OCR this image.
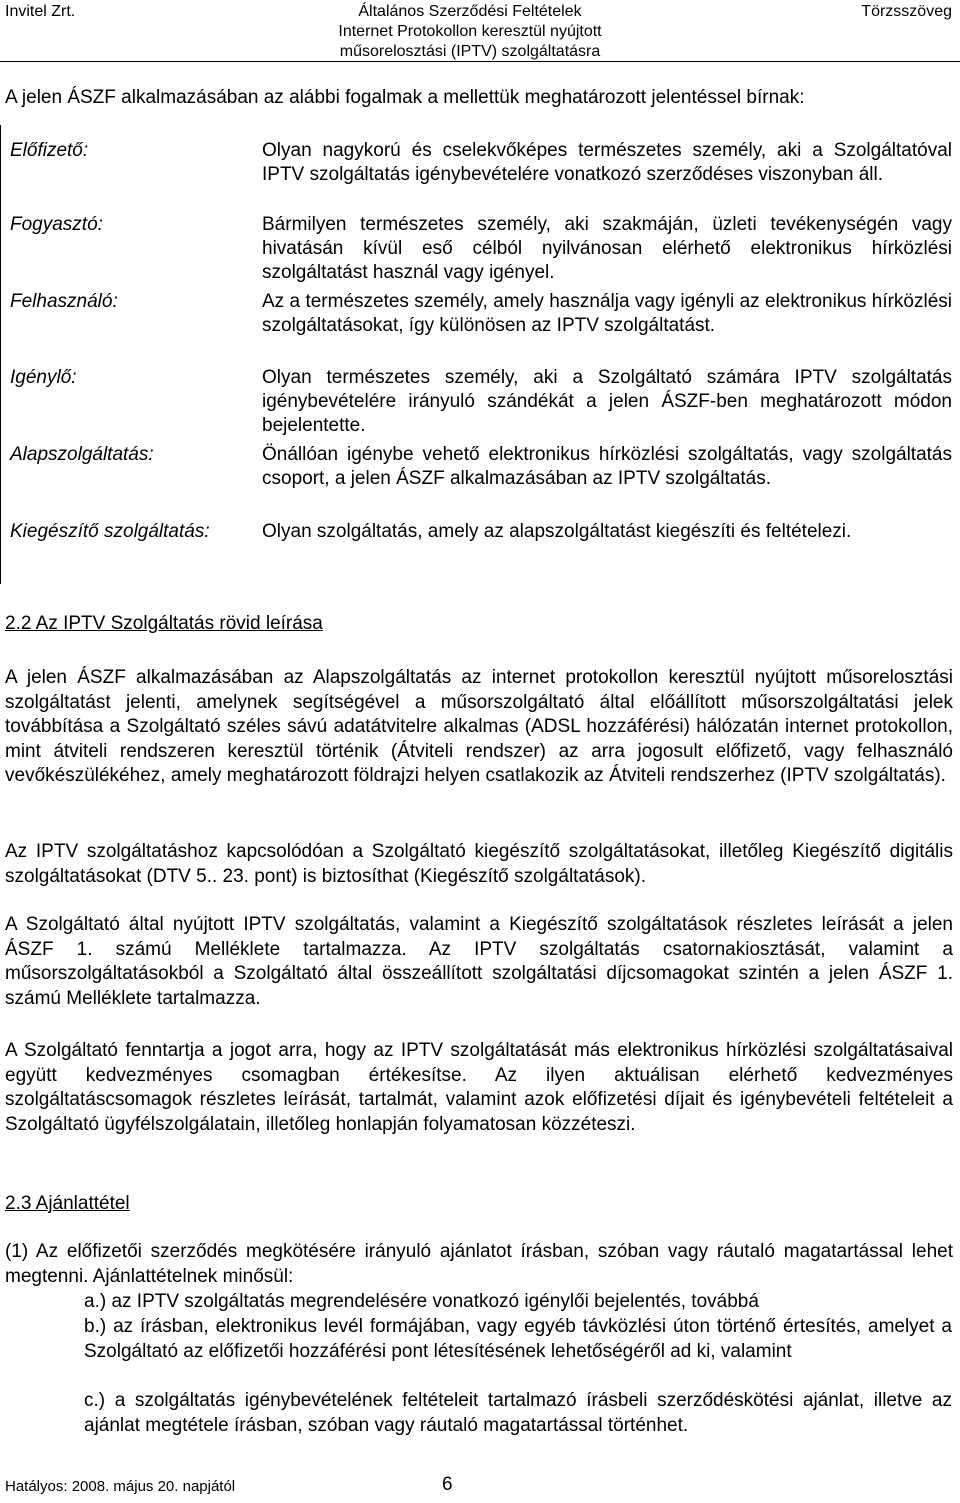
Invitel Zrt.	Általános Szerződési Feltételek
Internet Protokollon keresztül nyújtott
műsorelosztási (IPTV) szolgáltatásra
Törzsszöveg

A jelen ÁSZF alkalmazásában az alábbi fogalmak a mellettük meghatározott jelentéssel bírnak:

Előfizető:	Olyan nagykorú és cselekvőképes természetes személy, aki a Szolgáltatóval IPTV szolgáltatás igénybevételére vonatkozó szerződéses viszonyban áll.
Fogyasztó:	Bármilyen természetes személy, aki szakmáján, üzleti tevékenységén vagy hivatásán kívül eső célból nyilvánosan elérhető elektronikus hírközlési szolgáltatást használ vagy igényel.
Felhasználó:	Az a természetes személy, amely használja vagy igényli az elektronikus hírközlési szolgáltatásokat, így különösen az IPTV szolgáltatást.
Igénylő:	Olyan természetes személy, aki a Szolgáltató számára IPTV szolgáltatás igénybevételére irányuló szándékát a jelen ÁSZF-ben meghatározott módon bejelentette.
Alapszolgáltatás:	Önállóan igénybe vehető elektronikus hírközlési szolgáltatás, vagy szolgáltatás csoport, a jelen ÁSZF alkalmazásában az IPTV szolgáltatás.
Kiegészítő szolgáltatás:	Olyan szolgáltatás, amely az alapszolgáltatást kiegészíti és feltételezi.

2.2 Az IPTV Szolgáltatás rövid leírása

A jelen ÁSZF alkalmazásában az Alapszolgáltatás az internet protokollon keresztül nyújtott műsorelosztási szolgáltatást jelenti, amelynek segítségével a műsorszolgáltató által előállított műsorszolgáltatási jelek továbbítása a Szolgáltató széles sávú adatátvitelre alkalmas (ADSL hozzáférési) hálózatán internet protokollon, mint átviteli rendszeren keresztül történik (Átviteli rendszer) az arra jogosult előfizető, vagy felhasználó vevőkészülékéhez, amely meghatározott földrajzi helyen csatlakozik az Átviteli rendszerhez (IPTV szolgáltatás).

Az IPTV szolgáltatáshoz kapcsolódóan a Szolgáltató kiegészítő szolgáltatásokat, illetőleg Kiegészítő digitális szolgáltatásokat (DTV 5.. 23. pont) is biztosíthat (Kiegészítő szolgáltatások).

A Szolgáltató által nyújtott IPTV szolgáltatás, valamint a Kiegészítő szolgáltatások részletes leírását a jelen ÁSZF 1. számú Melléklete tartalmazza. Az IPTV szolgáltatás csatornakiosztását, valamint a műsorszolgáltatásokból a Szolgáltató által összeállított szolgáltatási díjcsomagokat szintén a jelen ÁSZF 1. számú Melléklete tartalmazza.

A Szolgáltató fenntartja a jogot arra, hogy az IPTV szolgáltatását más elektronikus hírközlési szolgáltatásaival együtt kedvezményes csomagban értékesítse. Az ilyen aktuálisan elérhető kedvezményes szolgáltatáscsomagok részletes leírását, tartalmát, valamint azok előfizetési díjait és igénybevételi feltételeit a Szolgáltató ügyfélszolgálatain, illetőleg honlapján folyamatosan közzéteszi.

2.3 Ajánlattétel

(1) Az előfizetői szerződés megkötésére irányuló ajánlatot írásban, szóban vagy ráutaló magatartással lehet megtenni. Ajánlattételnek minősül:

a.) az IPTV szolgáltatás megrendelésére vonatkozó igénylői bejelentés, továbbá

b.) az írásban, elektronikus levél formájában, vagy egyéb távközlési úton történő értesítés, amelyet a Szolgáltató az előfizetői hozzáférési pont létesítésének lehetőségéről ad ki, valamint

c.) a szolgáltatás igénybevételének feltételeit tartalmazó írásbeli szerződéskötési ajánlat, illetve az ajánlat megtétele írásban, szóban vagy ráutaló magatartással történhet.

Hatályos: 2008. május 20. napjától	6
